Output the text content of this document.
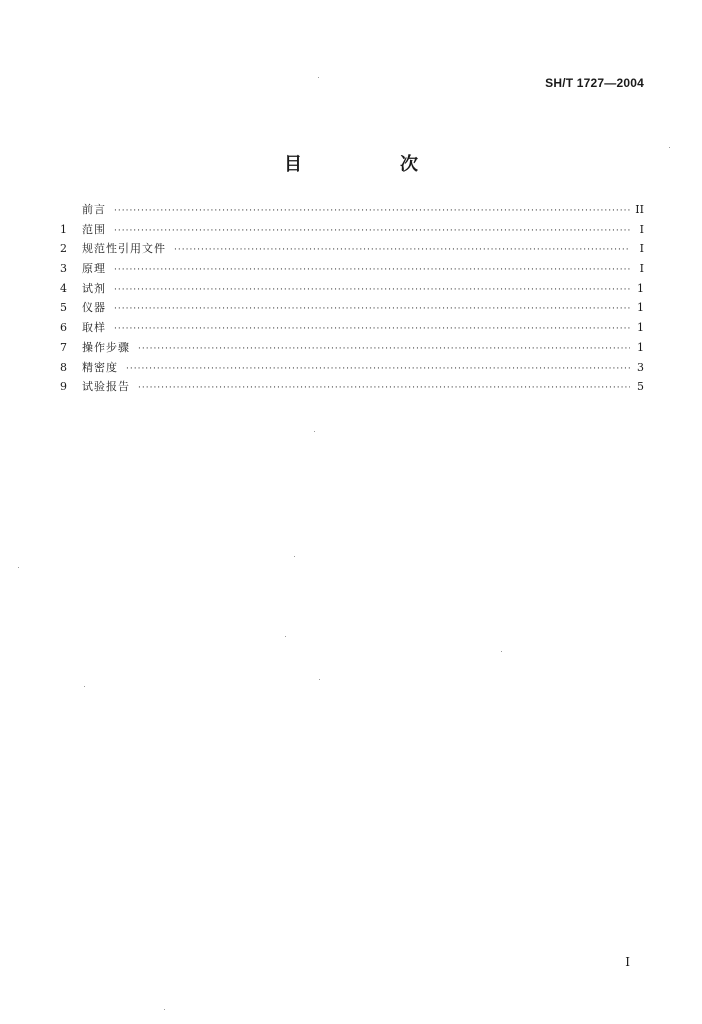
SH/T 1727—2004
目　次
前言 ·····	II
1	范围 ·····	I
2	规范性引用文件 ·····	I
3	原理 ·····	I
4	试剂 ·····	1
5	仪器 ·····	1
6	取样 ·····	1
7	操作步骤 ·····	1
8	精密度 ·····	3
9	试验报告 ·····	5
I
